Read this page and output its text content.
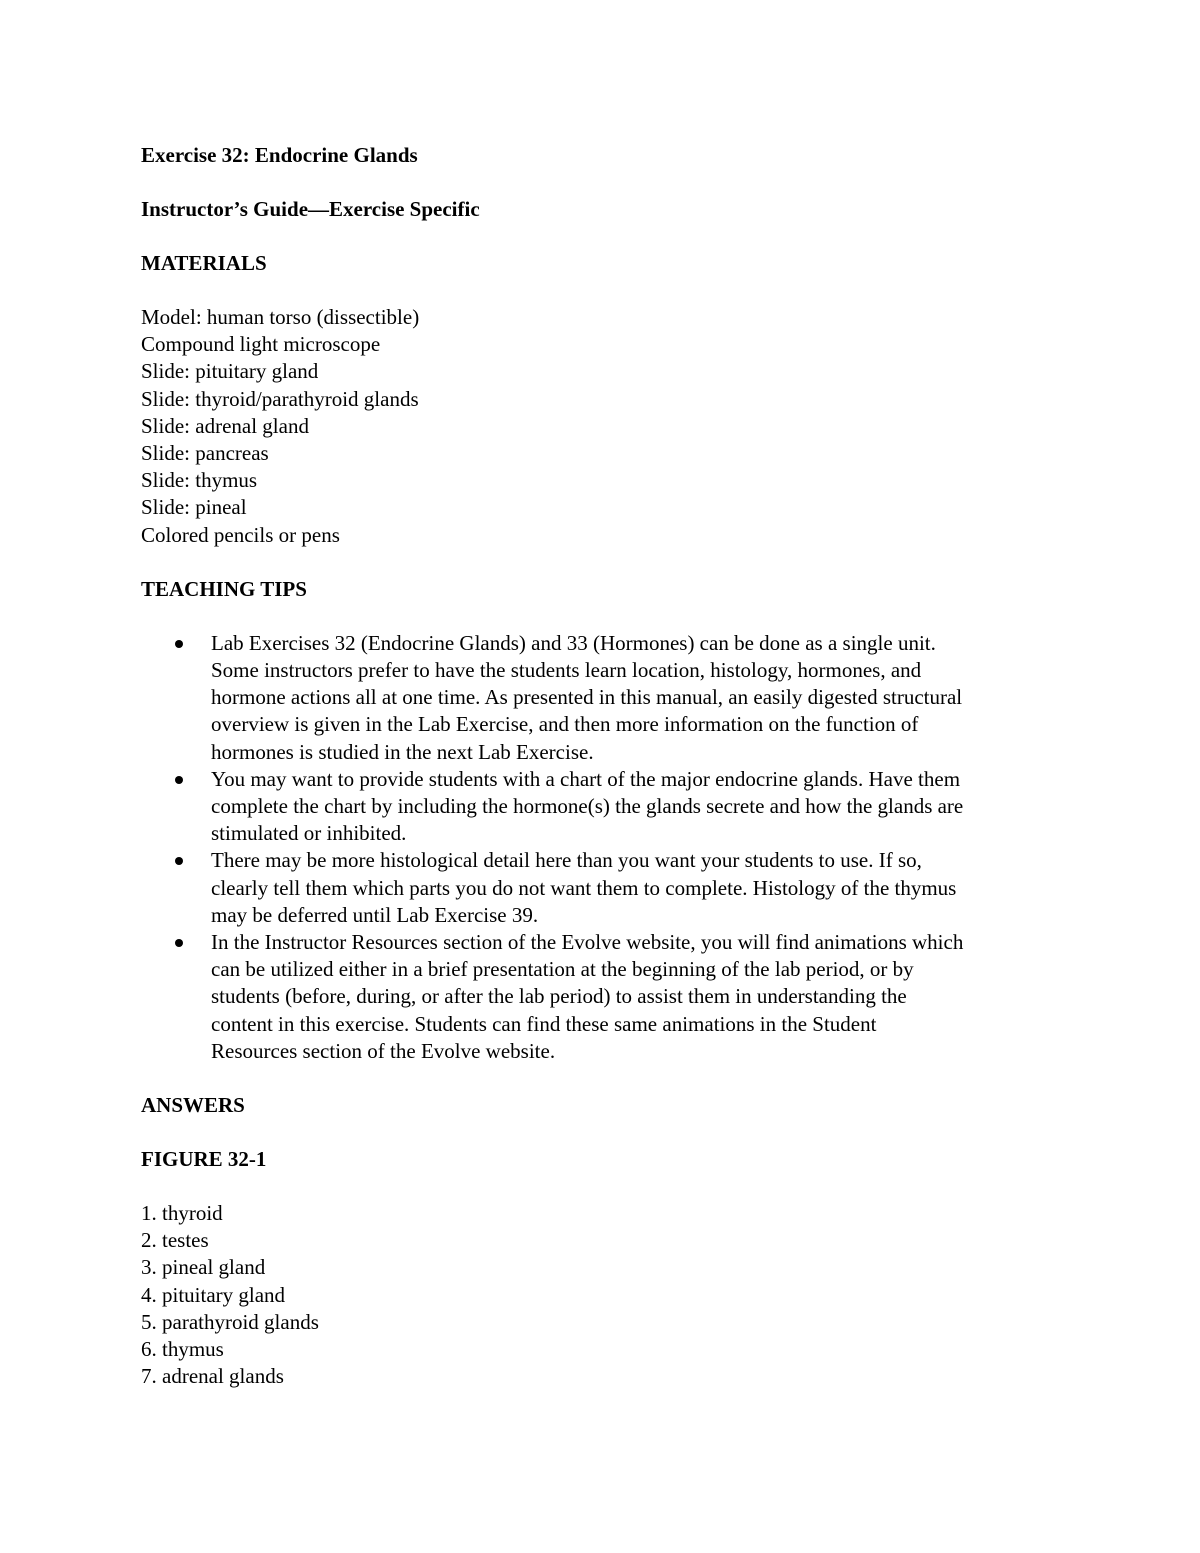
Exercise 32: Endocrine Glands

Instructor’s Guide—Exercise Specific

MATERIALS

Model: human torso (dissectible)

Compound light microscope

Slide: pituitary gland

Slide: thyroid/parathyroid glands

Slide: adrenal gland

Slide: pancreas

Slide: thymus

Slide: pineal

Colored pencils or pens

TEACHING TIPS

Lab Exercises 32 (Endocrine Glands) and 33 (Hormones) can be done as a single unit.
Some instructors prefer to have the students learn location, histology, hormones, and
hormone actions all at one time. As presented in this manual, an easily digested structural
overview is given in the Lab Exercise, and then more information on the function of
hormones is studied in the next Lab Exercise.
You may want to provide students with a chart of the major endocrine glands. Have them
complete the chart by including the hormone(s) the glands secrete and how the glands are
stimulated or inhibited.
There may be more histological detail here than you want your students to use. If so,
clearly tell them which parts you do not want them to complete. Histology of the thymus
may be deferred until Lab Exercise 39.
In the Instructor Resources section of the Evolve website, you will find animations which
can be utilized either in a brief presentation at the beginning of the lab period, or by
students (before, during, or after the lab period) to assist them in understanding the
content in this exercise. Students can find these same animations in the Student
Resources section of the Evolve website.

ANSWERS

FIGURE 32-1

1. thyroid

2. testes

3. pineal gland

4. pituitary gland

5. parathyroid glands

6. thymus

7. adrenal glands
